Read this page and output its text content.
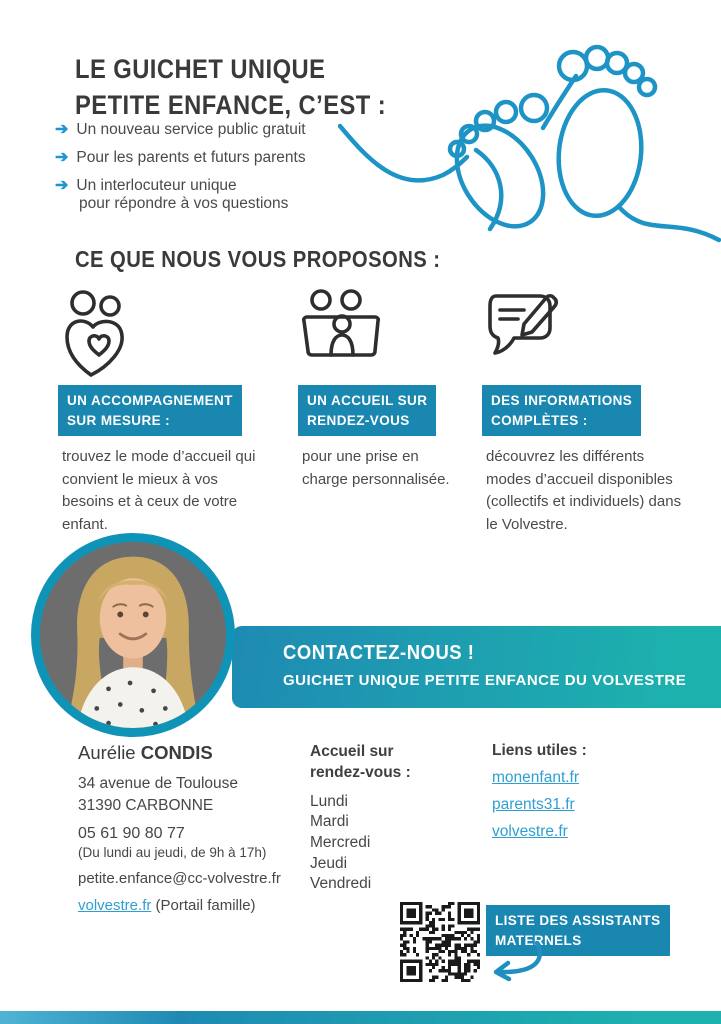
LE GUICHET UNIQUE
PETITE ENFANCE, C’EST :
➔ Un nouveau service public gratuit
➔ Pour les parents et futurs parents
➔ Un interlocuteur unique
pour répondre à vos questions
CE QUE NOUS VOUS PROPOSONS :
UN ACCOMPAGNEMENT
SUR MESURE :
trouvez le mode d’accueil qui convient le mieux à vos besoins et à ceux de votre enfant.
UN ACCUEIL SUR
RENDEZ-VOUS
pour une prise en charge personnalisée.
DES INFORMATIONS
COMPLÈTES :
découvrez les différents modes d’accueil disponibles (collectifs et individuels) dans le Volvestre.
CONTACTEZ-NOUS !
GUICHET UNIQUE PETITE ENFANCE DU VOLVESTRE
Aurélie CONDIS
34 avenue de Toulouse
31390 CARBONNE
05 61 90 80 77
(Du lundi au jeudi, de 9h à 17h)
petite.enfance@cc-volvestre.fr
volvestre.fr (Portail famille)
Accueil sur
rendez-vous :
Lundi
Mardi
Mercredi
Jeudi
Vendredi
Liens utiles :
monenfant.fr
parents31.fr
volvestre.fr
LISTE DES ASSISTANTS
MATERNELS
